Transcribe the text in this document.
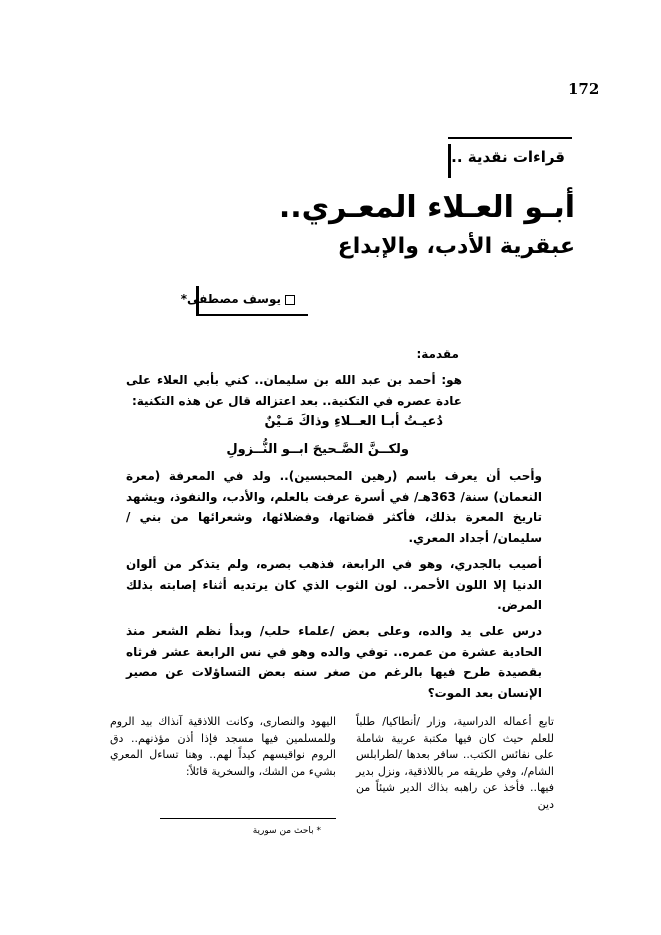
172
قراءات نقدية ..
أبـو العـلاء المعـري..
عبقرية الأدب، والإبداع
يوسف مصطفى*
مقدمة:
هو: أحمد بن عبد الله بن سليمان.. كني بأبي العلاء على عادة عصره في التكنية.. بعد اعتزاله قال عن هذه التكنية:
دُعيـتُ أبـا العــلاءِ وذاكَ مَـيْنٌ
ولكــنَّ الصَّـحيحَ ابــو النُّــزولِ
وأحب أن يعرف باسم (رهين المحبسين).. ولد في المعرفة (معرة النعمان) سنة/ 363هـ/ في أسرة عرفت بالعلم، والأدب، والنفوذ، ويشهد تاريخ المعرة بذلك، فأكثر قضاتها، وفضلائها، وشعرائها من بني /سليمان/ أجداد المعري.
أصيب بالجدري، وهو في الرابعة، فذهب بصره، ولم يتذكر من ألوان الدنيا إلا اللون الأحمر.. لون الثوب الذي كان يرتديه أثناء إصابته بذلك المرض.
درس على يد والده، وعلى بعض /علماء حلب/ وبدأ نظم الشعر منذ الحادية عشرة من عمره.. توفي والده وهو في نس الرابعة عشر فرثاه بقصيدة طرح فيها بالرغم من صغر سنه بعض التساؤلات عن مصير الإنسان بعد الموت؟
تابع أعماله الدراسية، وزار /أنطاكيا/ طلباً للعلم حيث كان فيها مكتبة عربية شاملة على نفائس الكتب.. سافر بعدها /لطرابلس الشام/، وفي طريقه مر باللاذقية، ونزل بدير فيها.. فأخذ عن راهبه بذاك الدير شيئاً من دين
اليهود والنصارى، وكانت اللاذقية آنذاك بيد الروم وللمسلمين فيها مسجد فإذا أذن مؤذنهم.. دق الروم نواقيسهم كيداً لهم.. وهنا تساءل المعري بشيء من الشك، والسخرية قائلاً:
* باحث من سورية
